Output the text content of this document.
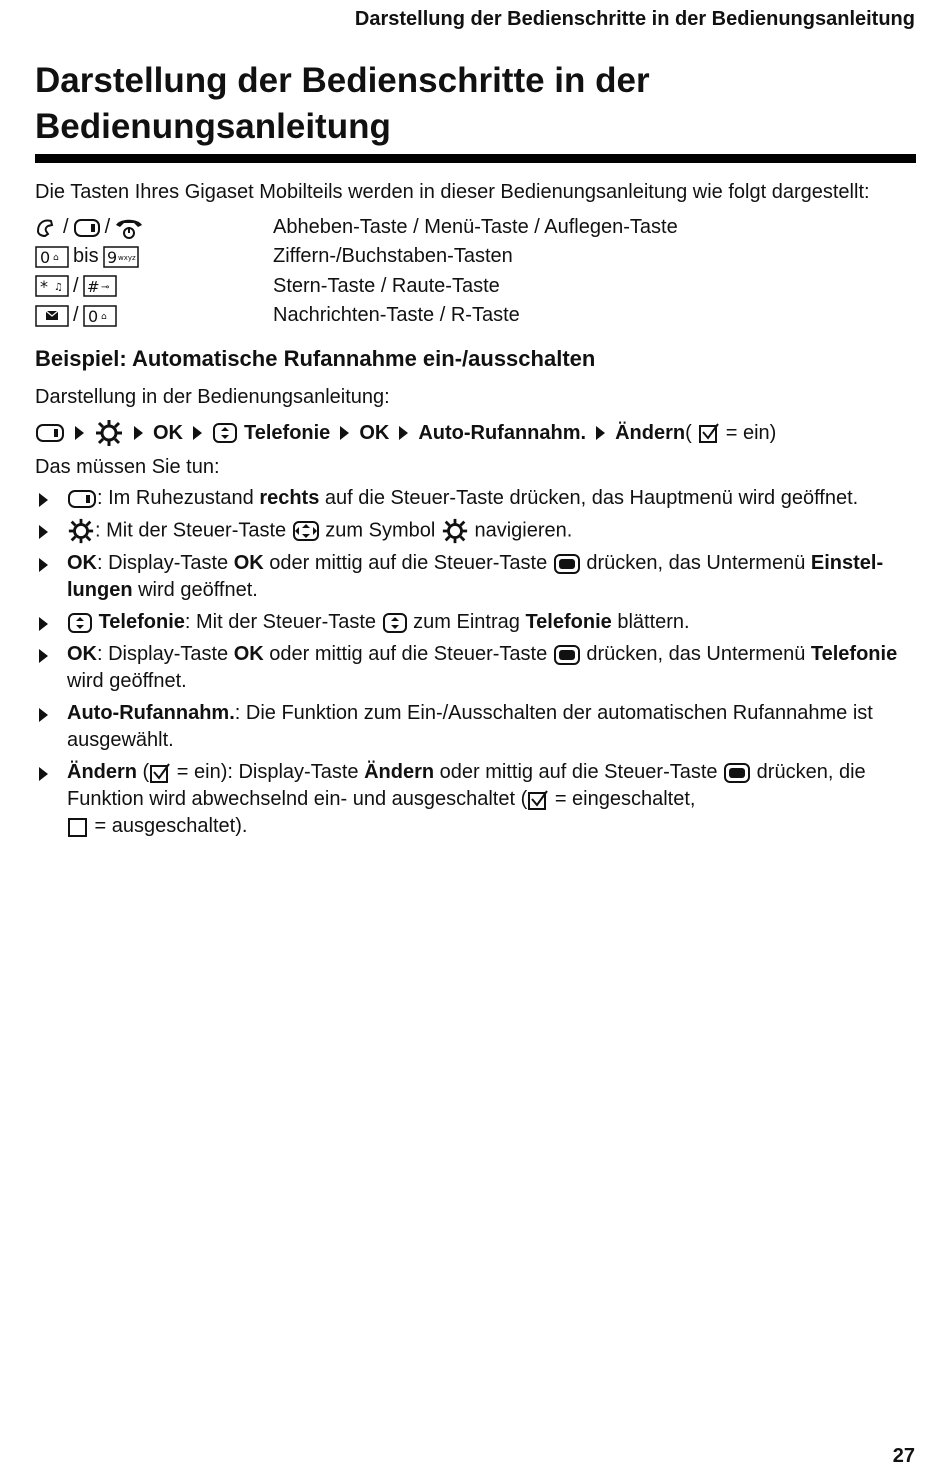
Darstellung der Bedienschritte in der Bedienungsanleitung
Darstellung der Bedienschritte in der Bedienungsanleitung
Die Tasten Ihres Gigaset Mobilteils werden in dieser Bedienungsanleitung wie folgt dargestellt:
/ /	Abheben-Taste / Menü-Taste / Auflegen-Taste
0 ⌂ bis 9 wxyz	Ziffern-/Buchstaben-Tasten
* ♫ / # ⊸	Stern-Taste / Raute-Taste
/ 0 ⌂	Nachrichten-Taste / R-Taste
Beispiel: Automatische Rufannahme ein-/ausschalten
Darstellung in der Bedienungsanleitung:
OK	Telefonie OK Auto-Rufannahm. Ändern( = ein)
Das müssen Sie tun:
: Im Ruhezustand rechts auf die Steuer-Taste drücken, das Hauptmenü wird geöffnet.
: Mit der Steuer-Taste
zum Symbol
navigieren.
OK: Display-Taste OK oder mittig auf die Steuer-Taste
drücken, das Untermenü Einstel-lungen wird geöffnet.
Telefonie: Mit der Steuer-Taste
zum Eintrag Telefonie blättern.
OK: Display-Taste OK oder mittig auf die Steuer-Taste
drücken, das Untermenü Telefonie wird geöffnet.
Auto-Rufannahm.: Die Funktion zum Ein-/Ausschalten der automatischen Rufannahme ist ausgewählt.
Ändern (
= ein): Display-Taste Ändern oder mittig auf die Steuer-Taste
drücken, die Funktion wird abwechselnd ein- und ausgeschaltet (
= eingeschaltet,

= ausgeschaltet).
27
